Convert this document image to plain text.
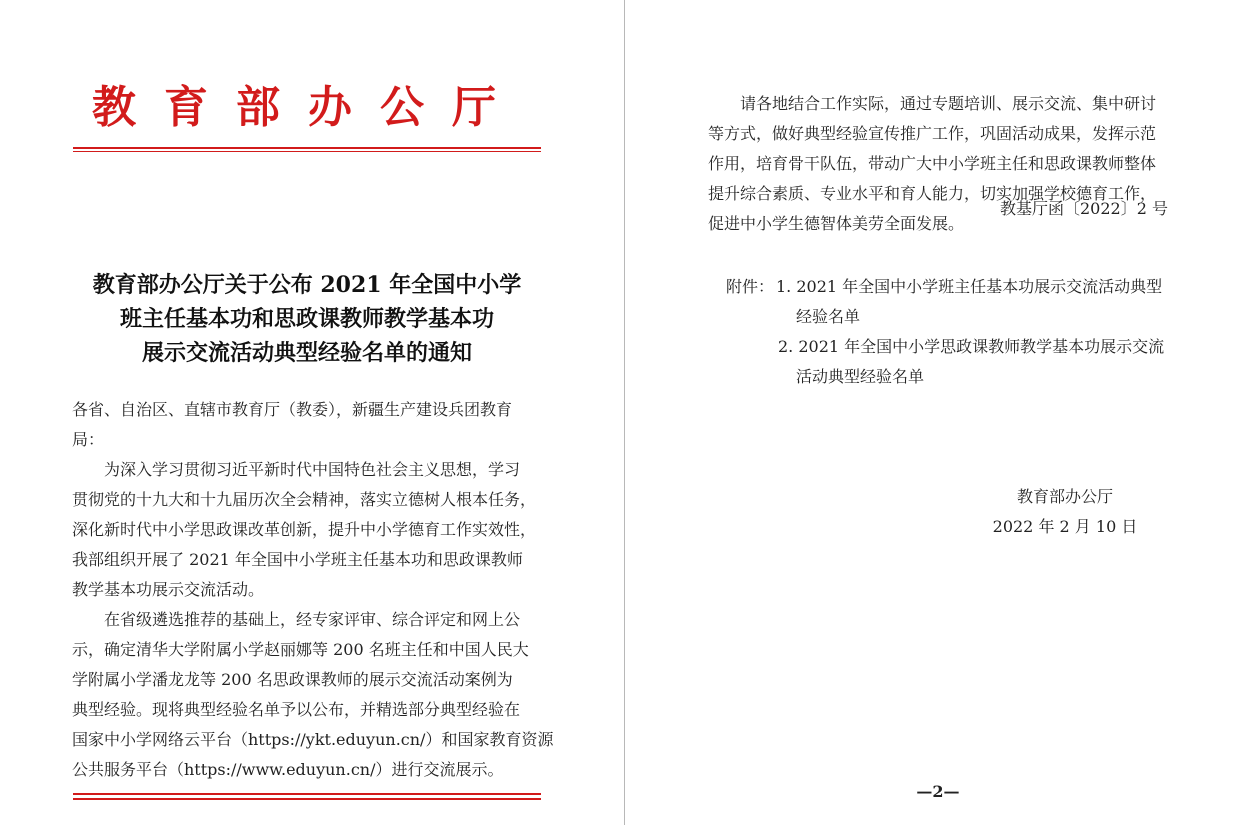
教育部办公厅
教基厅函〔2022〕2 号
教育部办公厅关于公布 2021 年全国中小学
班主任基本功和思政课教师教学基本功
展示交流活动典型经验名单的通知
各省、自治区、直辖市教育厅（教委），新疆生产建设兵团教育
局：
为深入学习贯彻习近平新时代中国特色社会主义思想，学习
贯彻党的十九大和十九届历次全会精神，落实立德树人根本任务，
深化新时代中小学思政课改革创新，提升中小学德育工作实效性，
我部组织开展了 2021 年全国中小学班主任基本功和思政课教师
教学基本功展示交流活动。
在省级遴选推荐的基础上，经专家评审、综合评定和网上公
示，确定清华大学附属小学赵丽娜等 200 名班主任和中国人民大
学附属小学潘龙龙等 200 名思政课教师的展示交流活动案例为
典型经验。现将典型经验名单予以公布，并精选部分典型经验在
国家中小学网络云平台（https://ykt.eduyun.cn/）和国家教育资源
公共服务平台（https://www.eduyun.cn/）进行交流展示。
请各地结合工作实际，通过专题培训、展示交流、集中研讨
等方式，做好典型经验宣传推广工作，巩固活动成果，发挥示范
作用，培育骨干队伍，带动广大中小学班主任和思政课教师整体
提升综合素质、专业水平和育人能力，切实加强学校德育工作，
促进中小学生德智体美劳全面发展。
附件： 1. 2021 年全国中小学班主任基本功展示交流活动典型
经验名单
2. 2021 年全国中小学思政课教师教学基本功展示交流
活动典型经验名单
教育部办公厅
2022 年 2 月 10 日
—2—
